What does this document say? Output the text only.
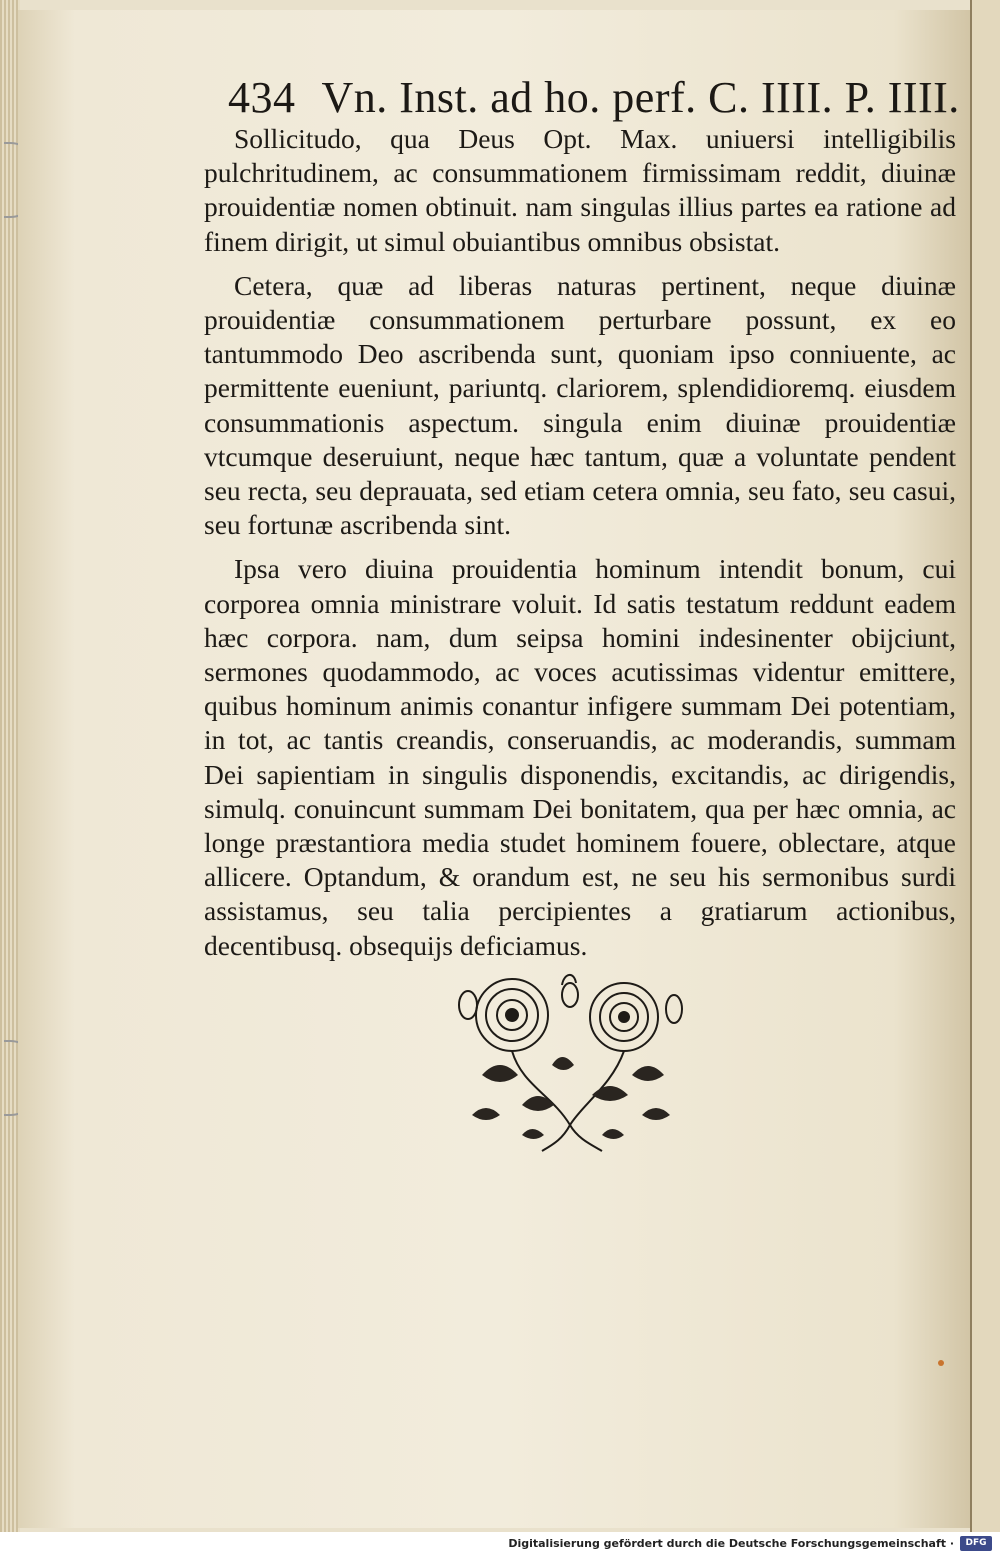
434 Vn. Inst. ad ho. perf. C. IIII. P. IIII.

Sollicitudo, qua Deus Opt. Max. uniuersi intelligibilis pulchritudinem, ac consummationem firmissimam reddit, diuinæ prouidentiæ nomen obtinuit. nam singulas illius partes ea ratione ad finem dirigit, ut simul obuiantibus omnibus obsistat.

Cetera, quæ ad liberas naturas pertinent, neque diuinæ prouidentiæ consummationem perturbare possunt, ex eo tantummodo Deo ascribenda sunt, quoniam ipso conniuente, ac permittente eueniunt, pariuntq. clariorem, splendidioremq. eiusdem consummationis aspectum. singula enim diuinæ prouidentiæ vtcumque deseruiunt, neque hæc tantum, quæ a voluntate pendent seu recta, seu deprauata, sed etiam cetera omnia, seu fato, seu casui, seu fortunæ ascribenda sint.

Ipsa vero diuina prouidentia hominum intendit bonum, cui corporea omnia ministrare voluit. Id satis testatum reddunt eadem hæc corpora. nam, dum seipsa homini indesinenter obijciunt, sermones quodammodo, ac voces acutissimas videntur emittere, quibus hominum animis conantur infigere summam Dei potentiam, in tot, ac tantis creandis, conseruandis, ac moderandis, summam Dei sapientiam in singulis disponendis, excitandis, ac dirigendis, simulq. conuincunt summam Dei bonitatem, qua per hæc omnia, ac longe præstantiora media studet hominem fouere, oblectare, atque allicere. Optandum, & orandum est, ne seu his sermonibus surdi assistamus, seu talia percipientes a gratiarum actionibus, decentibusq. obsequijs deficiamus.

Digitalisierung gefördert durch die Deutsche Forschungsgemeinschaft ·	DFG
